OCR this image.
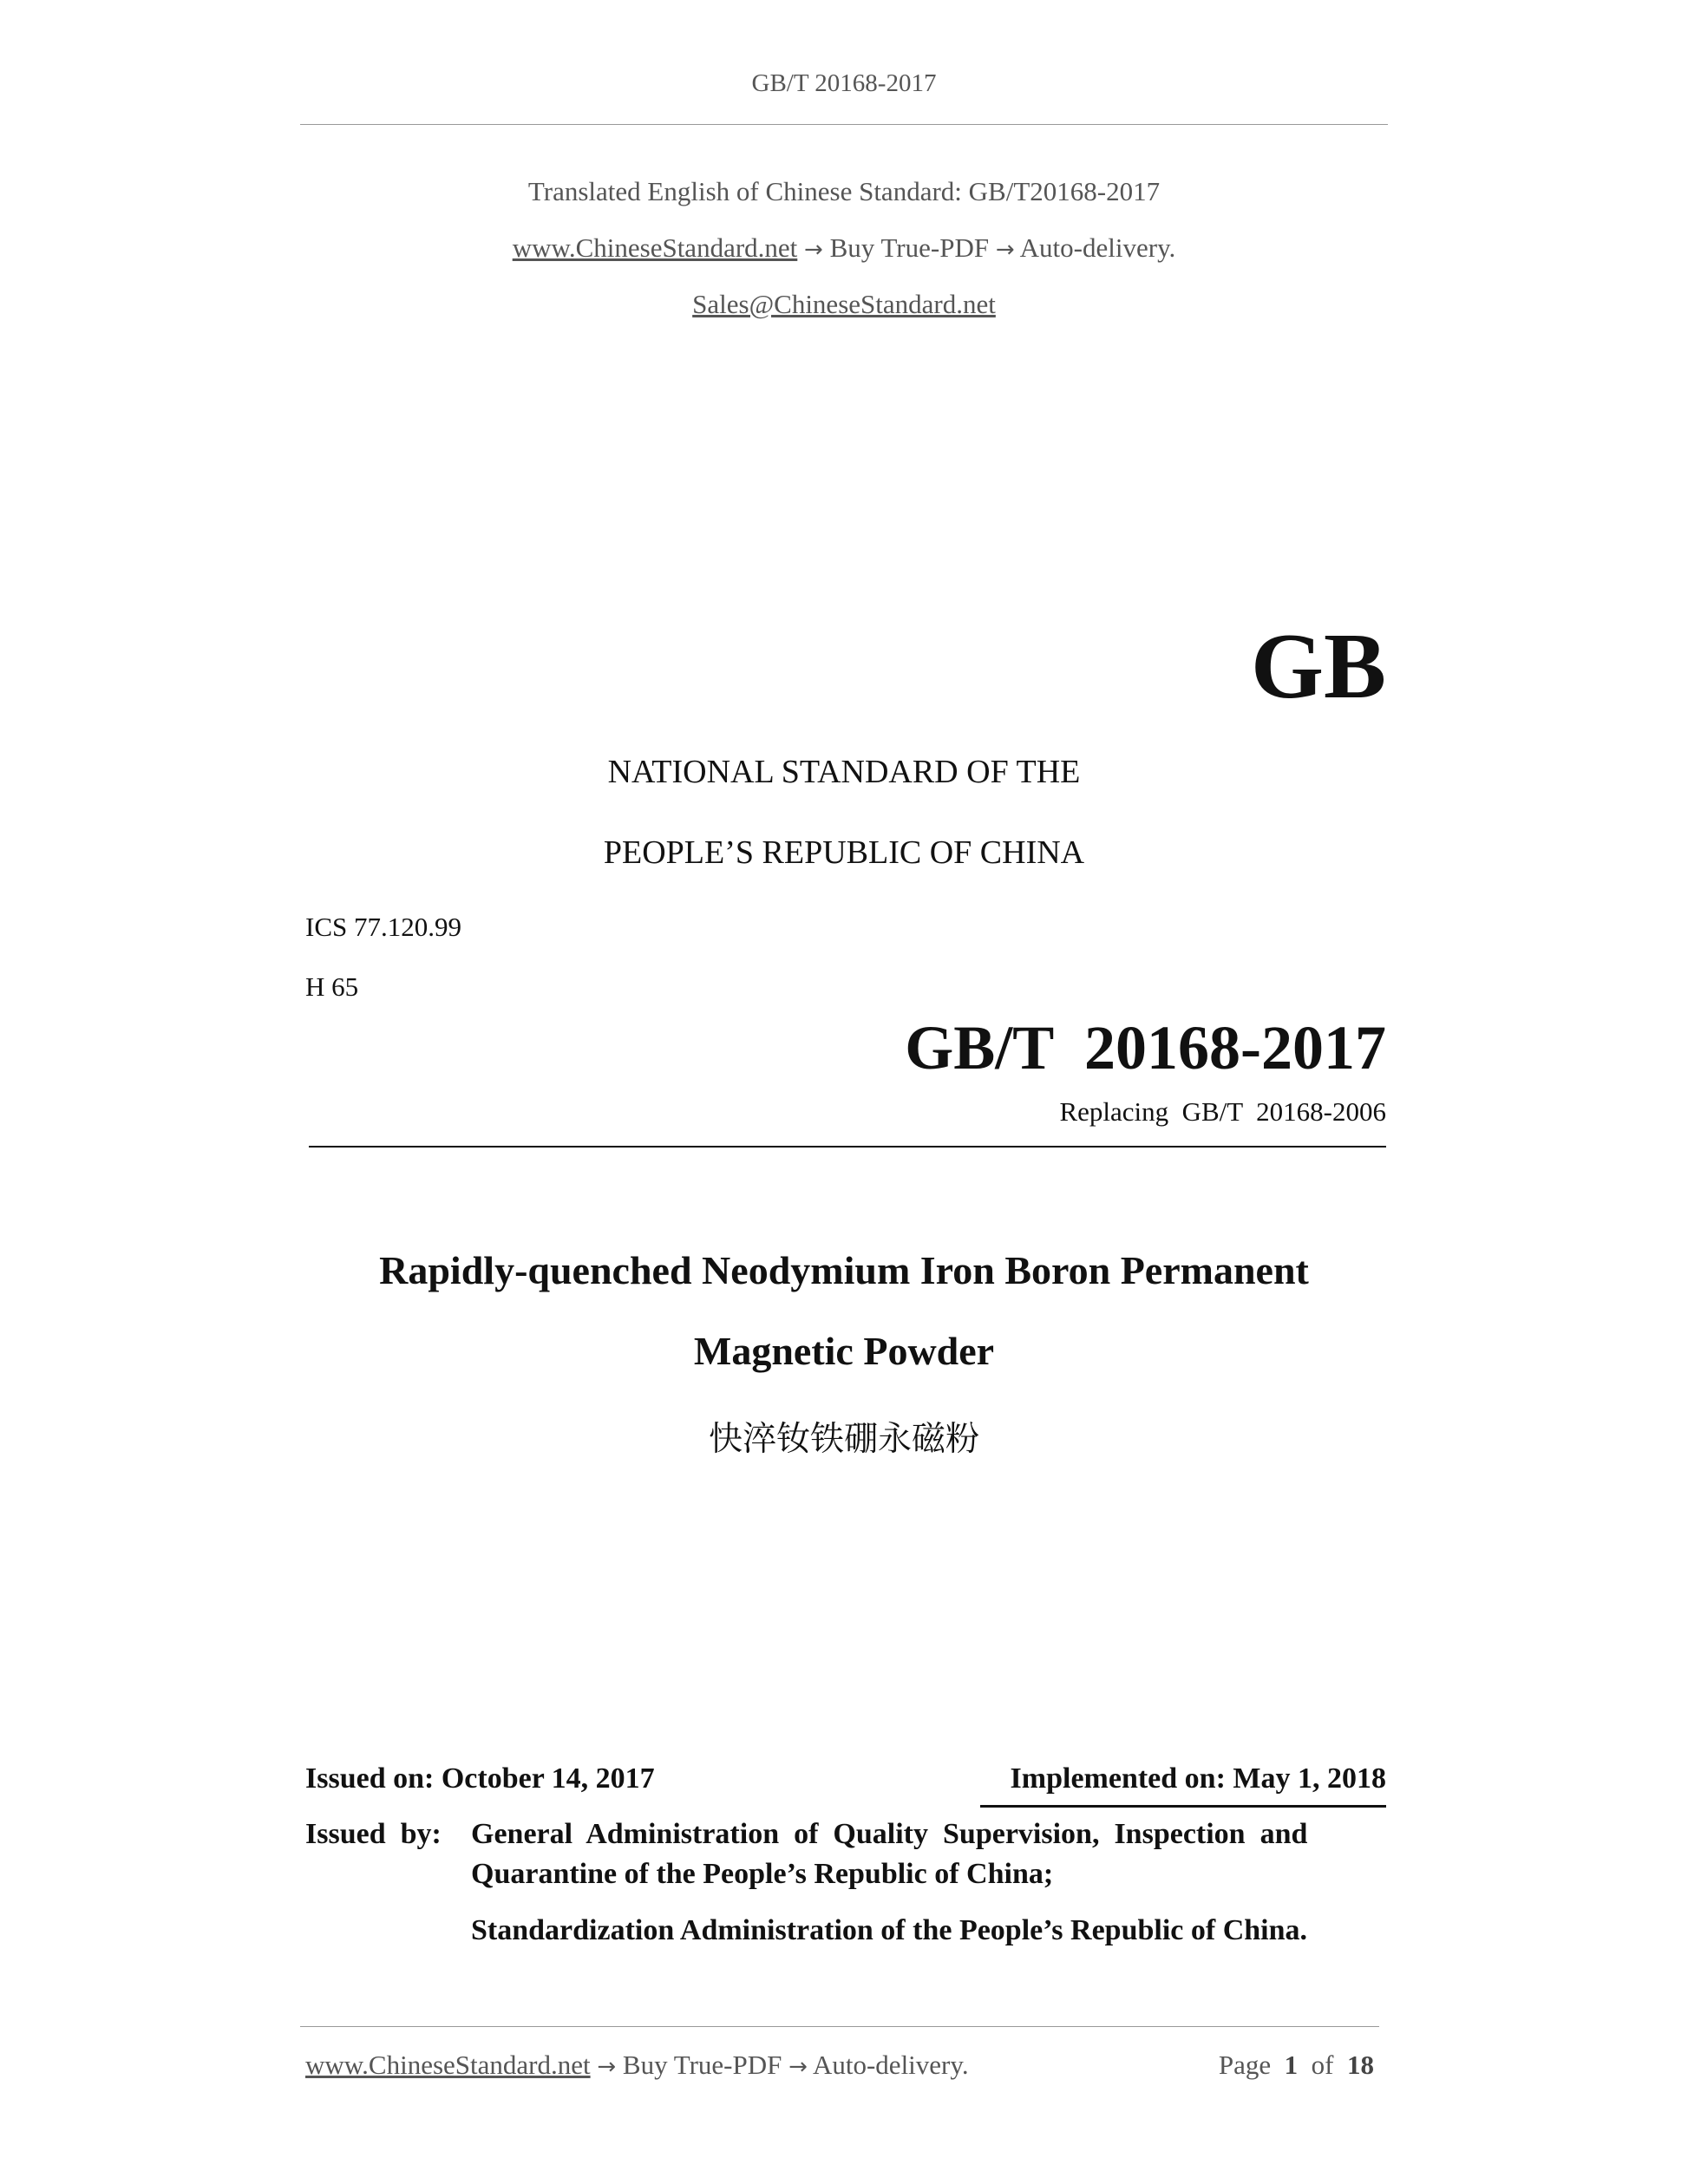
GB/T 20168-2017
Translated English of Chinese Standard: GB/T20168-2017
www.ChineseStandard.net → Buy True-PDF → Auto-delivery.
Sales@ChineseStandard.net
GB
NATIONAL STANDARD OF THE
PEOPLE’S REPUBLIC OF CHINA
ICS 77.120.99
H 65
GB/T  20168-2017
Replacing  GB/T  20168-2006
Rapidly-quenched Neodymium Iron Boron Permanent
Magnetic Powder
快淬钕铁硼永磁粉
Issued on: October 14, 2017	Implemented on: May 1, 2018
Issued  by: General  Administration  of  Quality  Supervision,  Inspection  and
Quarantine of the People’s Republic of China;
Standardization Administration of the People’s Republic of China.
www.ChineseStandard.net → Buy True-PDF → Auto-delivery.	Page 1 of 18
